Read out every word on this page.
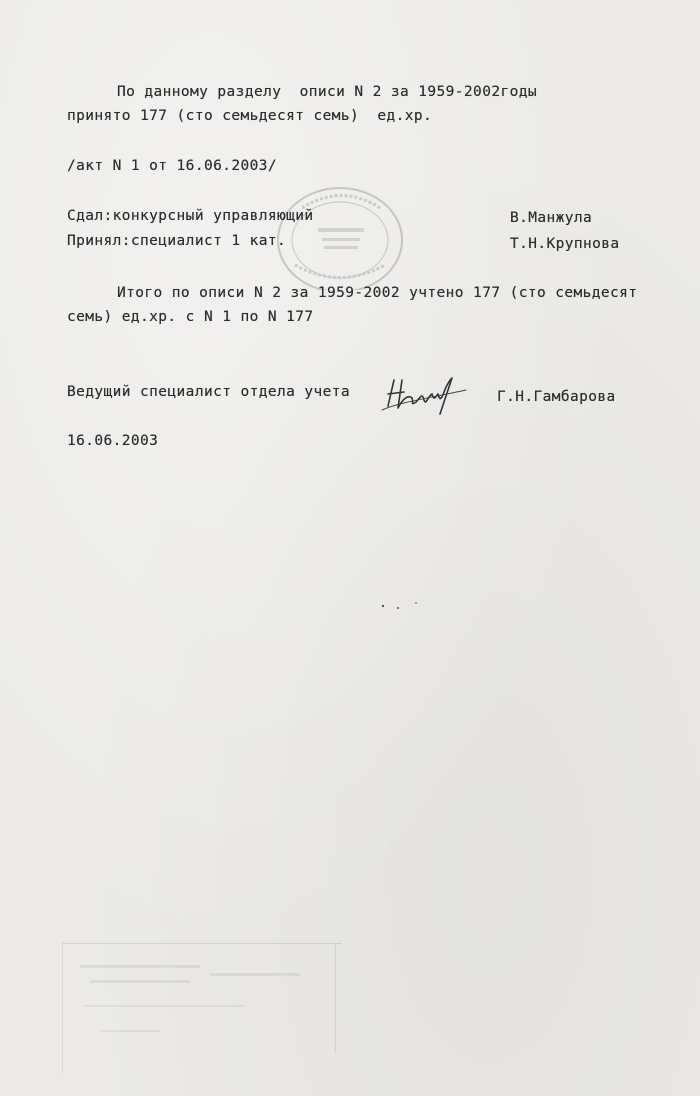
По данному разделу  описи N 2 за 1959-2002годы
принято 177 (сто семьдесят семь)  ед.хр.
/акт N 1 от 16.06.2003/
Сдал:конкурсный управляющий	В.Манжула
Принял:специалист 1 кат.	Т.Н.Крупнова
Итого по описи N 2 за 1959-2002 учтено 177 (сто семьдесят
семь) ед.хр. с N 1 по N 177
Ведущий специалист отдела учета	Г.Н.Гамбарова
16.06.2003
